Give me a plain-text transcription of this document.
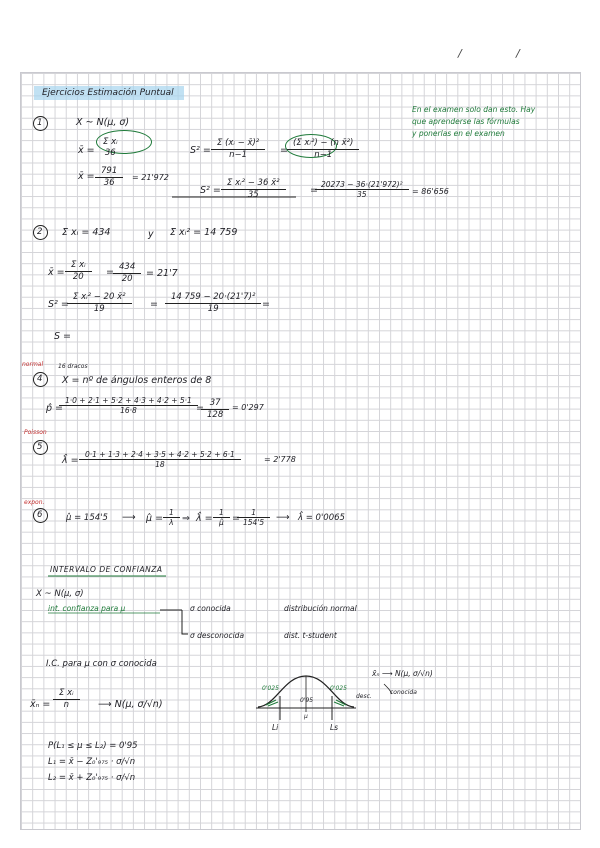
/	/
Ejercicios Estimación Puntual
En el examen solo dan esto. Hay
que aprenderse las fórmulas
y ponerlas en el examen
1	X ~ N(μ, σ)
x̄ =
Σ xᵢ
36
x̄ = $\frac{791}{36}$	= 21'972
$S^2 = \frac{\text{Σ (xᵢ − x̄)²}}{n-1}$	= $\frac{\text{(Σ xᵢ²) − (n x̄²)}}{n-1}$
$S^2 = \frac{\text{Σ xᵢ² − 36 x̄²}}{35}$	= $\frac{\text{20273 − 36·(21'972)²}}{35} = 86'656$
2 Σ xᵢ = 434	y Σ xᵢ² = 14 759
x̄ = $\frac{\text{Σ xᵢ}}{20}$	= $\frac{434}{20} = 21'7$
$S^2 = \frac{\text{Σ xᵢ² − 20 x̄²}}{19}$	= $\frac{\text{14 759 − 20·(21'7)²}}{19}$ =
S =
normal 16 dracos
4 X = nº de ángulos enteros de 8
p̂ =
$\frac{1\cdot 0 + 2\cdot 1 + 5\cdot 2 + 4\cdot 3 + 4\cdot 2 + 5\cdot 1}{16\cdot 8} = \frac{37}{128} = 0'297$
Poisson
5
λ̂ = $\frac{0\cdot 1 + 1\cdot 3 + 2\cdot 4 + 3\cdot 5 + 4\cdot 2 + 5\cdot 2 + 6\cdot 1}{18}$	= 2'778
expon.
6	μ̂ = 154'5 ⟶ μ̂ = $\frac{1}{\lambda}$ ⇒ λ̂ = $\frac{1}{\mû} = \frac{1}{154'5}$ ⟶ λ̂ = 0'0065
INTERVALO DE CONFIANZA
X ~ N(μ, σ)
int. confianza para μ	σ conocida	distribución normal
σ desconocida	dist. t-student
I.C. para μ con σ conocida
x̄ₙ = $\frac{\text{Σ xᵢ}}{n}$	⟶ N(μ, σ/√n)
x̄ₙ ⟶ N(μ, σ/√n)
desc.
conocida
0'025	0'025
0'95
Li	Ls
μ
P(L₁ ≤ μ ≤ L₂) = 0'95
L₁ = x̄ − Z₀'₉₇₅ · σ/√n
L₂ = x̄ + Z₀'₉₇₅ · σ/√n
